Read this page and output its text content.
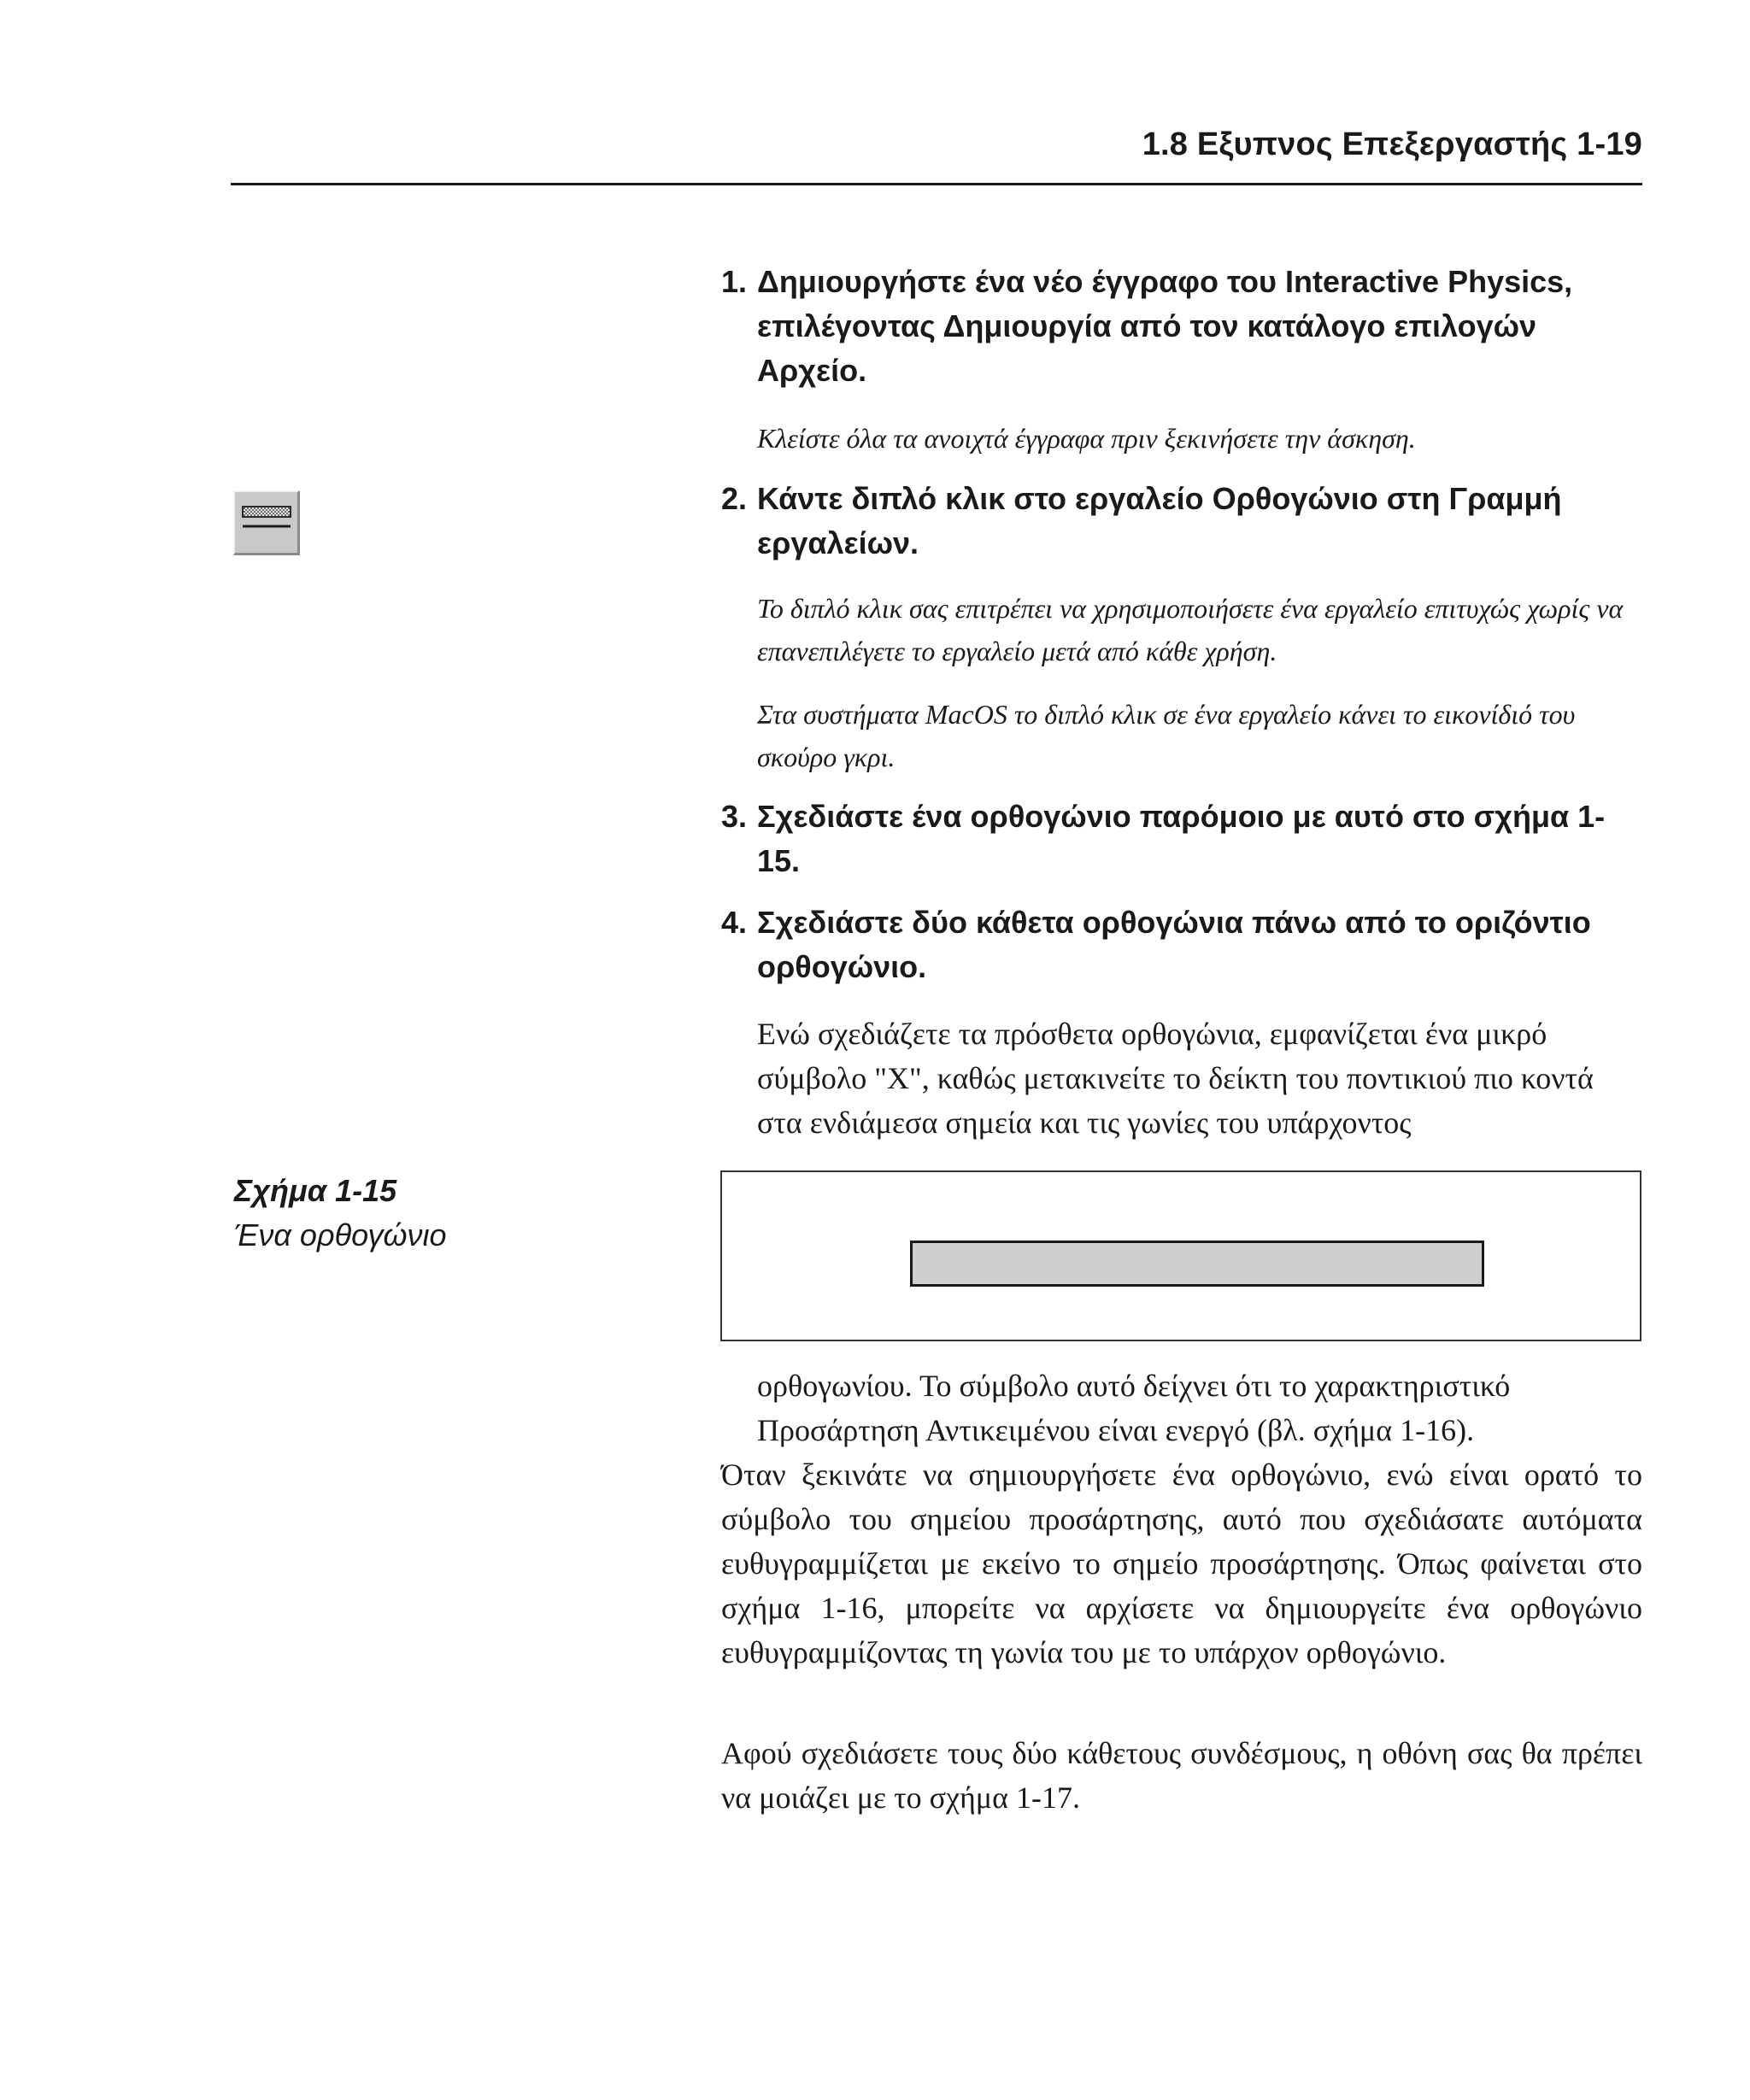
1.8 Εξυπνος Επεξεργαστής 1-19
Σχήμα 1-15
Ένα ορθογώνιο
1. Δημιουργήστε ένα νέο έγγραφο του Interactive Physics, επιλέγοντας Δημιουργία από τον κατάλογο επιλογών Αρχείο.
Κλείστε όλα τα ανοιχτά έγγραφα πριν ξεκινήσετε την άσκηση.
2. Κάντε διπλό κλικ στο εργαλείο Ορθογώνιο στη Γραμμή εργαλείων.
Το διπλό κλικ σας επιτρέπει να χρησιμοποιήσετε ένα εργαλείο επιτυχώς χωρίς να επανεπιλέγετε το εργαλείο μετά από κάθε χρήση.
Στα συστήματα MacOS το διπλό κλικ σε ένα εργαλείο κάνει το εικονίδιό του σκούρο γκρι.
3. Σχεδιάστε ένα ορθογώνιο παρόμοιο με αυτό στο σχήμα 1-15.
4. Σχεδιάστε δύο κάθετα ορθογώνια πάνω από το οριζόντιο ορθογώνιο.
Ενώ σχεδιάζετε τα πρόσθετα ορθογώνια, εμφανίζεται ένα μικρό σύμβολο "X", καθώς μετακινείτε το δείκτη του ποντικιού πιο κοντά στα ενδιάμεσα σημεία και τις γωνίες του υπάρχοντος
ορθογωνίου. Το σύμβολο αυτό δείχνει ότι το χαρακτηριστικό Προσάρτηση Αντικειμένου είναι ενεργό (βλ. σχήμα 1-16).
Όταν ξεκινάτε να σημιουργήσετε ένα ορθογώνιο, ενώ είναι ορατό το σύμβολο του σημείου προσάρτησης, αυτό που σχεδιάσατε αυτόματα ευθυγραμμίζεται με εκείνο το σημείο προσάρτησης. Όπως φαίνεται στο σχήμα 1-16, μπορείτε να αρχίσετε να δημιουργείτε ένα ορθογώνιο ευθυγραμμίζοντας τη γωνία του με το υπάρχον ορθογώνιο.
Αφού σχεδιάσετε τους δύο κάθετους συνδέσμους, η οθόνη σας θα πρέπει να μοιάζει με το σχήμα 1-17.
